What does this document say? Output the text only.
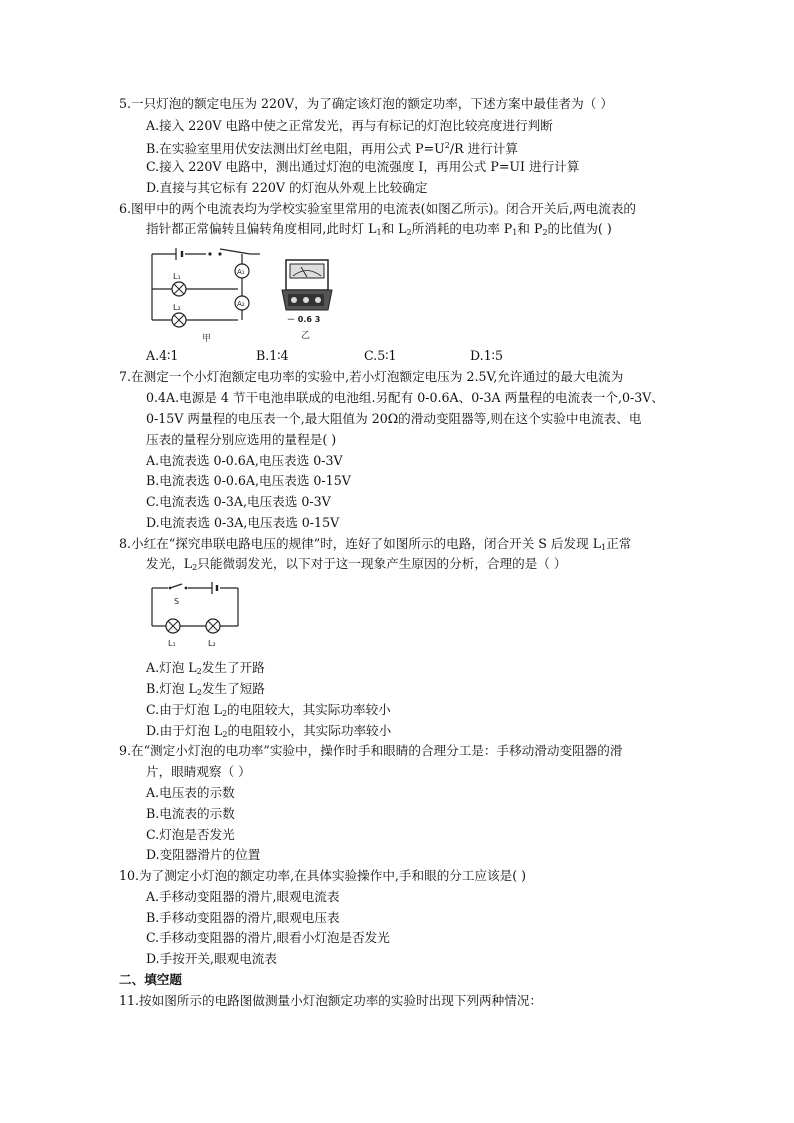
5.一只灯泡的额定电压为 220V，为了确定该灯泡的额定功率，下述方案中最佳者为（ ）
A.接入 220V 电路中使之正常发光，再与有标记的灯泡比较亮度进行判断
B.在实验室里用伏安法测出灯丝电阻，再用公式 $P=U^2/R$ 进行计算
C.接入 220V 电路中，测出通过灯泡的电流强度 I，再用公式 P=UI 进行计算
D.直接与其它标有 220V 的灯泡从外观上比较确定
6.图甲中的两个电流表均为学校实验室里常用的电流表(如图乙所示)。闭合开关后,两电流表的
指针都正常偏转且偏转角度相同,此时灯 $L_1$和 $L_2$所消耗的电功率 $P_1$和 $P_2$的比值为( )
A₁
A₂
L₁
L₂
甲
－ 0.6 3
乙
A.4∶1	B.1∶4	C.5∶1	D.1∶5
7.在测定一个小灯泡额定电功率的实验中,若小灯泡额定电压为 2.5V,允许通过的最大电流为
0.4A.电源是 4 节干电池串联成的电池组.另配有 0-0.6A、0-3A 两量程的电流表一个,0-3V、
0-15V 两量程的电压表一个,最大阻值为 20Ω的滑动变阻器等,则在这个实验中电流表、电
压表的量程分别应选用的量程是( )
A.电流表选 0-0.6A,电压表选 0-3V
B.电流表选 0-0.6A,电压表选 0-15V
C.电流表选 0-3A,电压表选 0-3V
D.电流表选 0-3A,电压表选 0-15V
8.小红在“探究串联电路电压的规律”时，连好了如图所示的电路，闭合开关 S 后发现 $L_1$正常
发光，$L_2$只能微弱发光，以下对于这一现象产生原因的分析，合理的是（ ）
S
L₁	L₂
A.灯泡 $L_2$发生了开路
B.灯泡 $L_2$发生了短路
C.由于灯泡 $L_2$的电阻较大，其实际功率较小
D.由于灯泡 $L_2$的电阻较小，其实际功率较小
9.在“测定小灯泡的电功率”实验中，操作时手和眼睛的合理分工是：手移动滑动变阻器的滑
片，眼睛观察（ ）
A.电压表的示数
B.电流表的示数
C.灯泡是否发光
D.变阻器滑片的位置
10.为了测定小灯泡的额定功率,在具体实验操作中,手和眼的分工应该是( )
A.手移动变阻器的滑片,眼观电流表
B.手移动变阻器的滑片,眼观电压表
C.手移动变阻器的滑片,眼看小灯泡是否发光
D.手按开关,眼观电流表
二、填空题
11.按如图所示的电路图做测量小灯泡额定功率的实验时出现下列两种情况：
